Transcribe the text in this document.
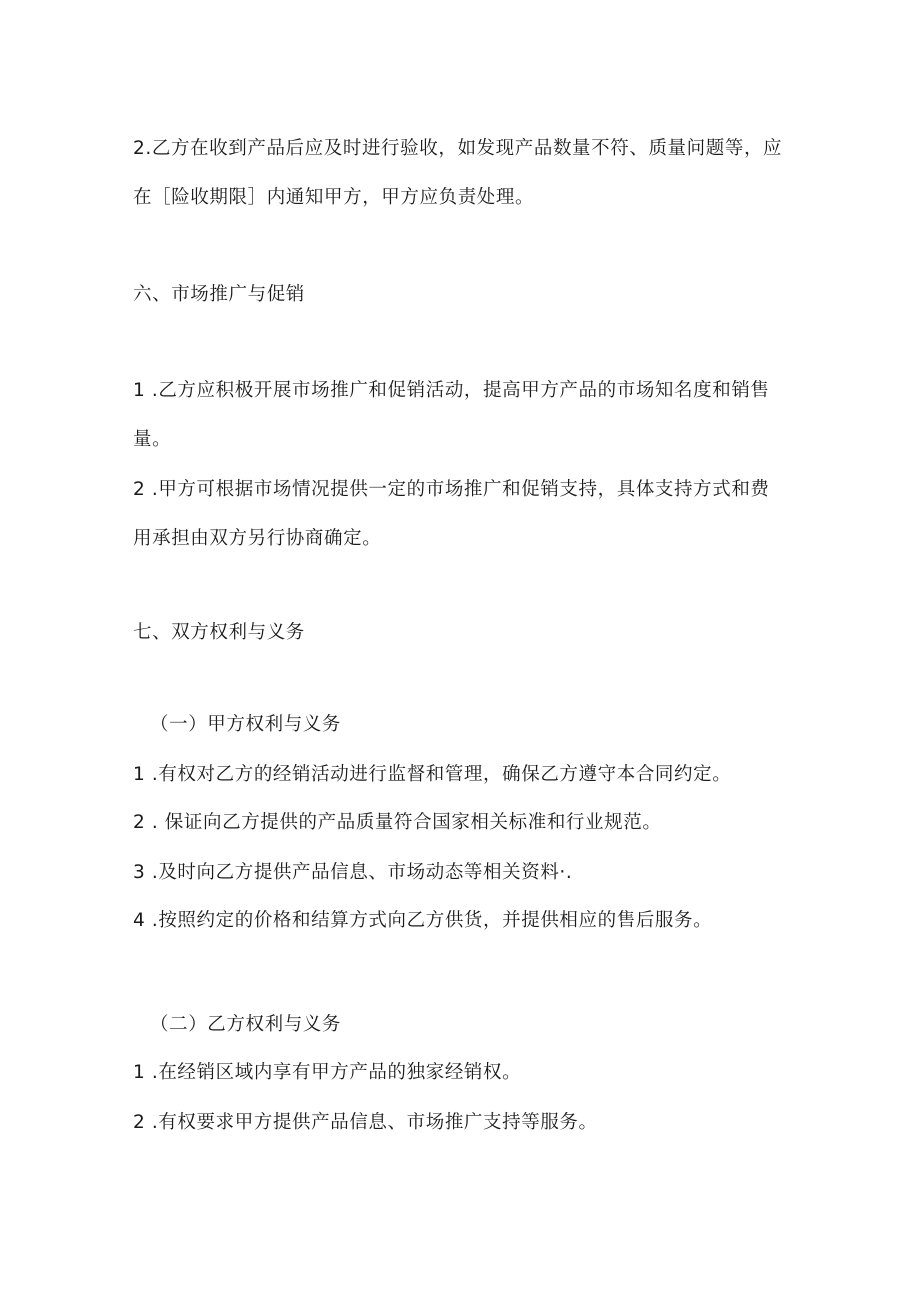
2.乙方在收到产品后应及时进行验收，如发现产品数量不符、质量问题等，应
在［险收期限］内通知甲方，甲方应负责处理。
六、市场推广与促销
1 .乙方应积极开展市场推广和促销活动，提高甲方产品的市场知名度和销售
量。
2 .甲方可根据市场情况提供一定的市场推广和促销支持，具体支持方式和费
用承担由双方另行协商确定。
七、双方权利与义务
（一）甲方权利与义务
1 .有权对乙方的经销活动进行监督和管理，确保乙方遵守本合同约定。
2 . 保证向乙方提供的产品质量符合国家相关标准和行业规范。
3 .及时向乙方提供产品信息、市场动态等相关资料·.
4 .按照约定的价格和结算方式向乙方供货，并提供相应的售后服务。
（二）乙方权利与义务
1 .在经销区域内享有甲方产品的独家经销权。
2 .有权要求甲方提供产品信息、市场推广支持等服务。
